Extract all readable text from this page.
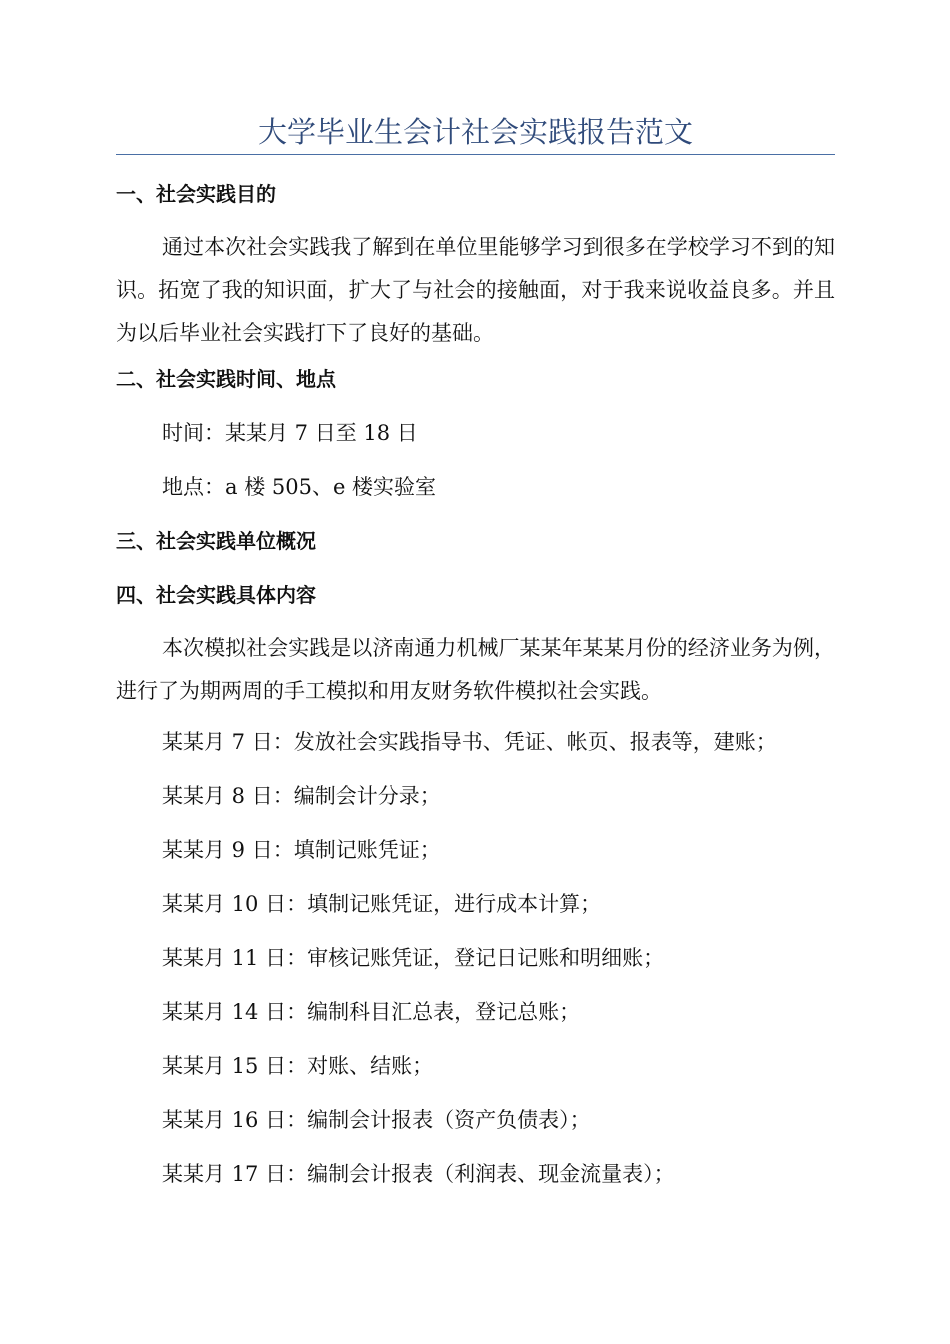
大学毕业生会计社会实践报告范文
一、社会实践目的

通过本次社会实践我了解到在单位里能够学习到很多在学校学习不到的知识。拓宽了我的知识面，扩大了与社会的接触面，对于我来说收益良多。并且为以后毕业社会实践打下了良好的基础。

二、社会实践时间、地点
时间：某某月 7 日至 18 日
地点：a 楼 505、e 楼实验室
三、社会实践单位概况
四、社会实践具体内容

本次模拟社会实践是以济南通力机械厂某某年某某月份的经济业务为例，进行了为期两周的手工模拟和用友财务软件模拟社会实践。

某某月 7 日：发放社会实践指导书、凭证、帐页、报表等，建账；
某某月 8 日：编制会计分录；
某某月 9 日：填制记账凭证；
某某月 10 日：填制记账凭证，进行成本计算；
某某月 11 日：审核记账凭证，登记日记账和明细账；
某某月 14 日：编制科目汇总表，登记总账；
某某月 15 日：对账、结账；
某某月 16 日：编制会计报表（资产负债表）；
某某月 17 日：编制会计报表（利润表、现金流量表）；
